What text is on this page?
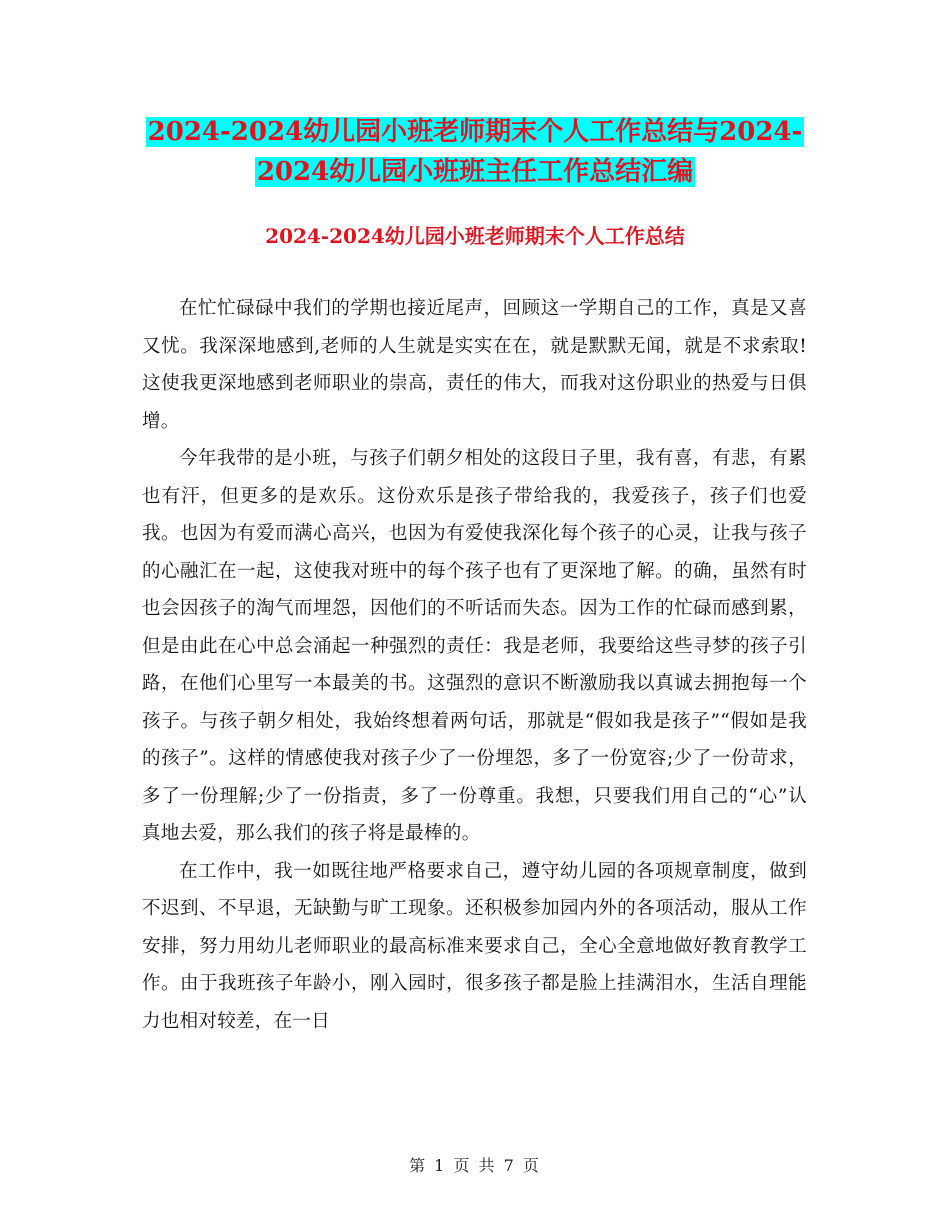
2024-2024幼儿园小班老师期末个人工作总结与2024-
2024幼儿园小班班主任工作总结汇编
2024-2024幼儿园小班老师期末个人工作总结

在忙忙碌碌中我们的学期也接近尾声，回顾这一学期自己的工作，真是又喜又忧。我深深地感到,老师的人生就是实实在在，就是默默无闻，就是不求索取!这使我更深地感到老师职业的崇高，责任的伟大，而我对这份职业的热爱与日俱增。

今年我带的是小班，与孩子们朝夕相处的这段日子里，我有喜，有悲，有累也有汗，但更多的是欢乐。这份欢乐是孩子带给我的，我爱孩子，孩子们也爱我。也因为有爱而满心高兴，也因为有爱使我深化每个孩子的心灵，让我与孩子的心融汇在一起，这使我对班中的每个孩子也有了更深地了解。的确，虽然有时也会因孩子的淘气而埋怨，因他们的不听话而失态。因为工作的忙碌而感到累，但是由此在心中总会涌起一种强烈的责任：我是老师，我要给这些寻梦的孩子引路，在他们心里写一本最美的书。这强烈的意识不断激励我以真诚去拥抱每一个孩子。与孩子朝夕相处，我始终想着两句话，那就是“假如我是孩子”“假如是我的孩子”。这样的情感使我对孩子少了一份埋怨，多了一份宽容;少了一份苛求，多了一份理解;少了一份指责，多了一份尊重。我想，只要我们用自己的“心”认真地去爱，那么我们的孩子将是最棒的。

在工作中，我一如既往地严格要求自己，遵守幼儿园的各项规章制度，做到不迟到、不早退，无缺勤与旷工现象。还积极参加园内外的各项活动，服从工作安排，努力用幼儿老师职业的最高标准来要求自己，全心全意地做好教育教学工作。由于我班孩子年龄小，刚入园时，很多孩子都是脸上挂满泪水，生活自理能力也相对较差，在一日

第 1 页 共 7 页
